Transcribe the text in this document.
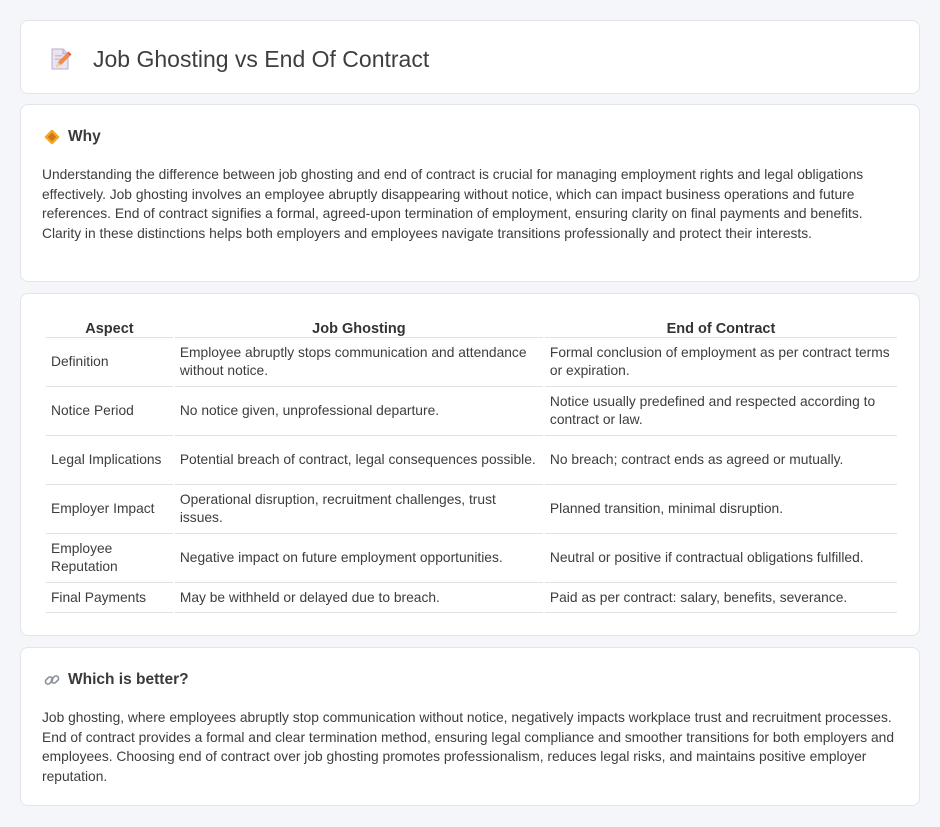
Job Ghosting vs End Of Contract
Why

Understanding the difference between job ghosting and end of contract is crucial for managing employment rights and legal obligations effectively. Job ghosting involves an employee abruptly disappearing without notice, which can impact business operations and future references. End of contract signifies a formal, agreed-upon termination of employment, ensuring clarity on final payments and benefits. Clarity in these distinctions helps both employers and employees navigate transitions professionally and protect their interests.

Aspect	Job Ghosting	End of Contract
Definition	Employee abruptly stops communication and attendance without notice.	Formal conclusion of employment as per contract terms or expiration.
Notice Period	No notice given, unprofessional departure.	Notice usually predefined and respected according to contract or law.
Legal Implications	Potential breach of contract, legal consequences possible.	No breach; contract ends as agreed or mutually.
Employer Impact	Operational disruption, recruitment challenges, trust issues.	Planned transition, minimal disruption.
Employee Reputation	Negative impact on future employment opportunities.	Neutral or positive if contractual obligations fulfilled.
Final Payments	May be withheld or delayed due to breach.	Paid as per contract: salary, benefits, severance.
Which is better?

Job ghosting, where employees abruptly stop communication without notice, negatively impacts workplace trust and recruitment processes. End of contract provides a formal and clear termination method, ensuring legal compliance and smoother transitions for both employers and employees. Choosing end of contract over job ghosting promotes professionalism, reduces legal risks, and maintains positive employer reputation.
